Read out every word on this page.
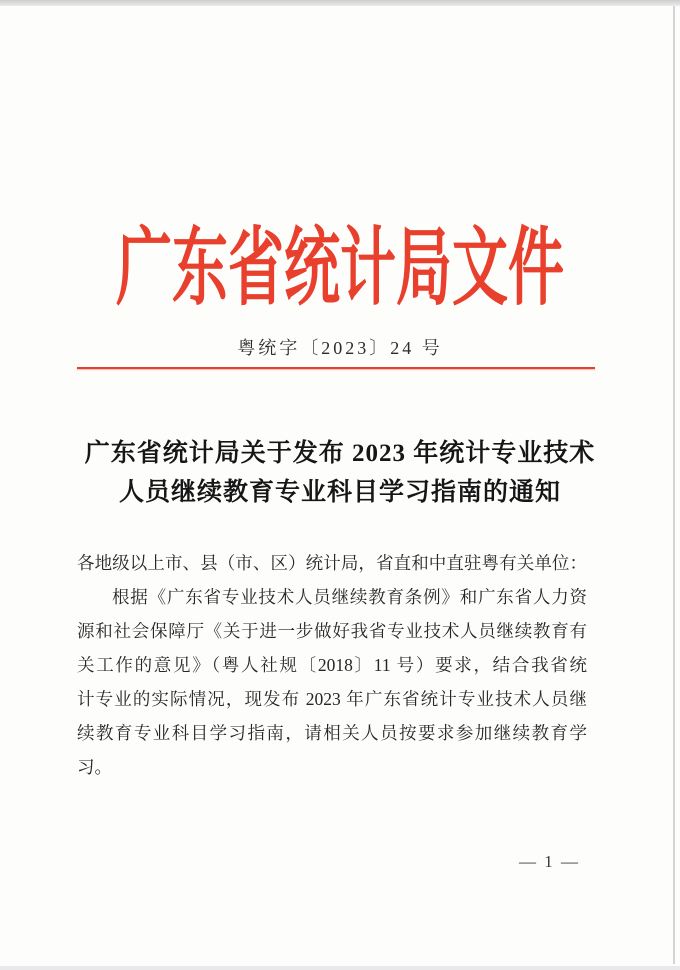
广东省统计局文件
粤统字〔2023〕24 号
广东省统计局关于发布 2023 年统计专业技术
人员继续教育专业科目学习指南的通知
各地级以上市、县（市、区）统计局，省直和中直驻粤有关单位：
根据《广东省专业技术人员继续教育条例》和广东省人力资
源和社会保障厅《关于进一步做好我省专业技术人员继续教育有
关工作的意见》（粤人社规〔2018〕11 号）要求，结合我省统
计专业的实际情况，现发布 2023 年广东省统计专业技术人员继
续教育专业科目学习指南，请相关人员按要求参加继续教育学
习。
— 1 —
